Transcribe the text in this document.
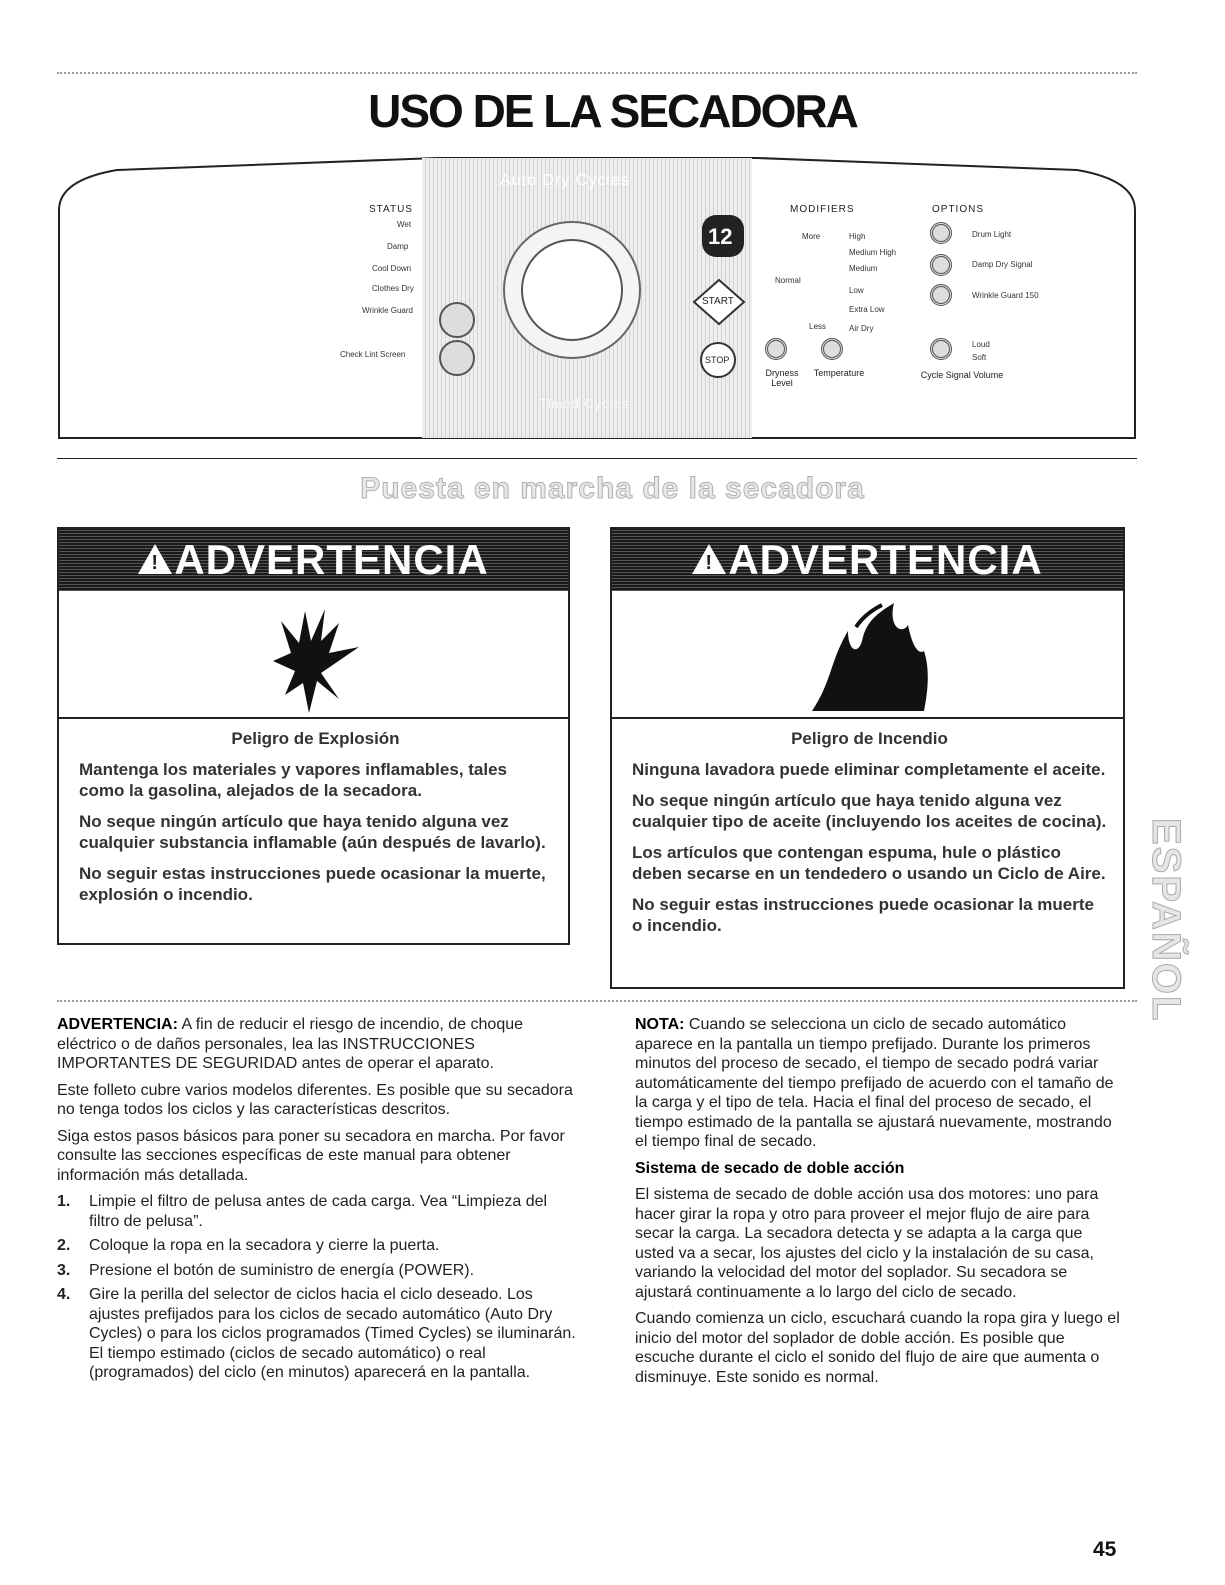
USO DE LA SECADORA
Auto Dry Cycles
Timed Cycles
STATUS
Wet
Damp
Cool Down
Clothes Dry
Wrinkle Guard
Check Lint Screen
12
START
STOP
MODIFIERS
More
Normal
Less
High
Medium High
Medium
Low
Extra Low
Air Dry
Dryness Level
Temperature
OPTIONS
Drum Light
Damp Dry Signal
Wrinkle Guard 150
Loud
Soft
Cycle Signal Volume
Puesta en marcha de la secadora
!ADVERTENCIA
Peligro de Explosión

Mantenga los materiales y vapores inflamables, tales como la gasolina, alejados de la secadora.

No seque ningún artículo que haya tenido alguna vez cualquier substancia inflamable (aún después de lavarlo).

No seguir estas instrucciones puede ocasionar la muerte, explosión o incendio.

!ADVERTENCIA
Peligro de Incendio

Ninguna lavadora puede eliminar completamente el aceite.

No seque ningún artículo que haya tenido alguna vez cualquier tipo de aceite (incluyendo los aceites de cocina).

Los artículos que contengan espuma, hule o plástico deben secarse en un tendedero o usando un Ciclo de Aire.

No seguir estas instrucciones puede ocasionar la muerte o incendio.

ADVERTENCIA: A fin de reducir el riesgo de incendio, de choque eléctrico o de daños personales, lea las INSTRUCCIONES IMPORTANTES DE SEGURIDAD antes de operar el aparato.

Este folleto cubre varios modelos diferentes. Es posible que su secadora no tenga todos los ciclos y las características descritos.

Siga estos pasos básicos para poner su secadora en marcha. Por favor consulte las secciones específicas de este manual para obtener información más detallada.

1. Limpie el filtro de pelusa antes de cada carga. Vea “Limpieza del filtro de pelusa”.
2. Coloque la ropa en la secadora y cierre la puerta.
3. Presione el botón de suministro de energía (POWER).
4. Gire la perilla del selector de ciclos hacia el ciclo deseado. Los ajustes prefijados para los ciclos de secado automático (Auto Dry Cycles) o para los ciclos programados (Timed Cycles) se iluminarán. El tiempo estimado (ciclos de secado automático) o real (programados) del ciclo (en minutos) aparecerá en la pantalla.

NOTA: Cuando se selecciona un ciclo de secado automático aparece en la pantalla un tiempo prefijado. Durante los primeros minutos del proceso de secado, el tiempo de secado podrá variar automáticamente del tiempo prefijado de acuerdo con el tamaño de la carga y el tipo de tela. Hacia el final del proceso de secado, el tiempo estimado de la pantalla se ajustará nuevamente, mostrando el tiempo final de secado.

Sistema de secado de doble acción

El sistema de secado de doble acción usa dos motores: uno para hacer girar la ropa y otro para proveer el mejor flujo de aire para secar la carga. La secadora detecta y se adapta a la carga que usted va a secar, los ajustes del ciclo y la instalación de su casa, variando la velocidad del motor del soplador. Su secadora se ajustará continuamente a lo largo del ciclo de secado.

Cuando comienza un ciclo, escuchará cuando la ropa gira y luego el inicio del motor del soplador de doble acción. Es posible que escuche durante el ciclo el sonido del flujo de aire que aumenta o disminuye. Este sonido es normal.

ESPAÑOL
45
